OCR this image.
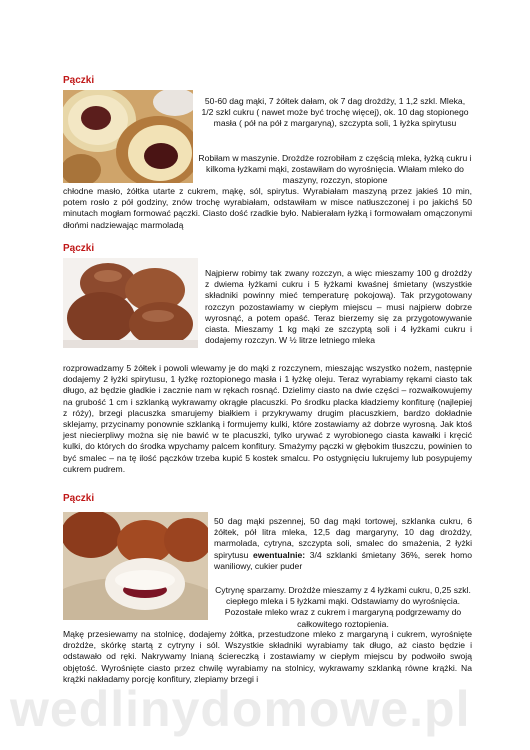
wedlinydomowe.pl
Pączki

50-60 dag mąki, 7 żółtek dałam, ok 7 dag drożdży, 1 1,2 szkl. Mleka, 1/2 szkl cukru ( nawet może być trochę więcej), ok. 10 dag stopionego masła ( pół na pół z margaryną), szczypta soli, 1 łyżka spirytusu

Robiłam w maszynie. Drożdże rozrobiłam z częścią mleka, łyżką cukru i kilkoma łyżkami mąki, zostawiłam do wyrośnięcia. Wlałam mleko do maszyny, rozczyn, stopione

chłodne masło, żółtka utarte z cukrem, mąkę, sól, spirytus. Wyrabiałam maszyną przez jakieś 10 min, potem rosło z pół godziny, znów trochę wyrabiałam, odstawiłam w misce natłuszczonej i po jakichś 50 minutach mogłam formować pączki. Ciasto dość rzadkie było. Nabierałam łyżką i formowałam omączonymi dłońmi nadziewając marmoladą

Pączki

Najpierw robimy tak zwany rozczyn, a więc mieszamy 100 g drożdży z dwiema łyżkami cukru i 5 łyżkami kwaśnej śmietany (wszystkie składniki powinny mieć temperaturę pokojową). Tak przygotowany rozczyn pozostawiamy w ciepłym miejscu – musi najpierw dobrze wyrosnąć, a potem opaść. Teraz bierzemy się za przygotowywanie ciasta. Mieszamy 1 kg mąki ze szczyptą soli i 4 łyżkami cukru i dodajemy rozczyn. W ½ litrze letniego mleka

rozprowadzamy 5 żółtek i powoli wlewamy je do mąki z rozczynem, mieszając wszystko nożem, następnie dodajemy 2 łyżki spirytusu, 1 łyżkę roztopionego masła i 1 łyżkę oleju. Teraz wyrabiamy rękami ciasto tak długo, aż będzie gładkie i zacznie nam w rękach rosnąć. Dzielimy ciasto na dwie części – rozwałkowujemy na grubość 1 cm i szklanką wykrawamy okrągłe placuszki. Po środku placka kładziemy konfiturę (najlepiej z róży), brzegi placuszka smarujemy białkiem i przykrywamy drugim placuszkiem, bardzo dokładnie sklejamy, przycinamy ponownie szklanką i formujemy kulki, które zostawiamy aż dobrze wyrosną. Jak ktoś jest niecierpliwy można się nie bawić w te placuszki, tylko urywać z wyrobionego ciasta kawałki i kręcić kulki, do których do środka wpychamy palcem konfitury. Smażymy pączki w głębokim tłuszczu, powinien to być smalec – na tę ilość pączków trzeba kupić 5 kostek smalcu. Po ostygnięciu lukrujemy lub posypujemy cukrem pudrem.

Pączki

50 dag mąki pszennej, 50 dag mąki tortowej, szklanka cukru, 6 żółtek, pół litra mleka, 12,5 dag margaryny, 10 dag drożdży, marmolada, cytryna, szczypta soli, smalec do smażenia, 2 łyżki spirytusu ewentualnie: 3/4 szklanki śmietany 36%, serek homo waniliowy, cukier puder

Cytrynę sparzamy. Drożdże mieszamy z 4 łyżkami cukru, 0,25 szkl. ciepłego mleka i 5 łyżkami mąki. Odstawiamy do wyrośnięcia. Pozostałe mleko wraz z cukrem i margaryną podgrzewamy do całkowitego roztopienia.

Mąkę przesiewamy na stolnicę, dodajemy żółtka, przestudzone mleko z margaryną i cukrem, wyrośnięte drożdże, skórkę startą z cytryny i sól. Wszystkie składniki wyrabiamy tak długo, aż ciasto będzie i odstawało od ręki. Nakrywamy lnianą ściereczką i zostawiamy w ciepłym miejscu by podwoiło swoją objętość. Wyrośnięte ciasto przez chwilę wyrabiamy na stolnicy, wykrawamy szklanką równe krążki. Na krążki nakładamy porcję konfitury, zlepiamy brzegi i
